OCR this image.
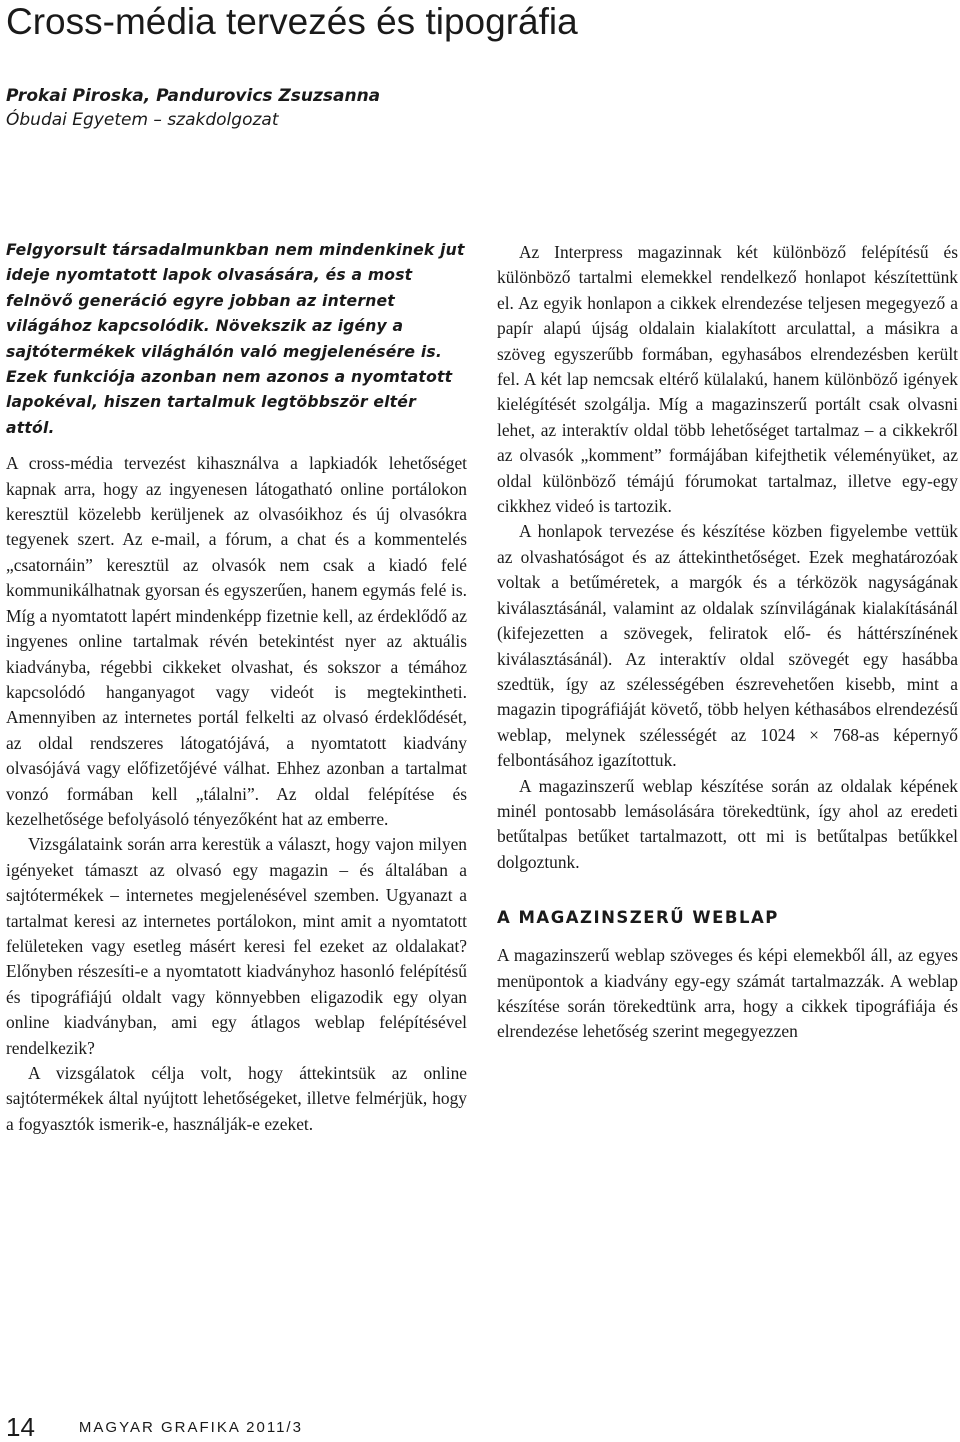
Cross-média tervezés és tipográfia
Prokai Piroska, Pandurovics Zsuzsanna
Óbudai Egyetem – szakdolgozat

Felgyorsult társadalmunkban nem mindenkinek jut ideje nyomtatott lapok olvasására, és a most felnövő generáció egyre jobban az internet világához kapcsolódik. Növekszik az igény a sajtótermékek világhálón való megjelenésére is. Ezek funkciója azonban nem azonos a nyomtatott lapokéval, hiszen tartalmuk legtöbbször eltér attól.

A cross-média tervezést kihasználva a lapkiadók lehetőséget kapnak arra, hogy az ingyenesen látogatható online portálokon keresztül közelebb kerüljenek az olvasóikhoz és új olvasókra tegyenek szert. Az e-mail, a fórum, a chat és a kommentelés „csatornáin” keresztül az olvasók nem csak a kiadó felé kommunikálhatnak gyorsan és egyszerűen, hanem egymás felé is. Míg a nyomtatott lapért mindenképp fizetnie kell, az érdeklődő az ingyenes online tartalmak révén betekintést nyer az aktuális kiadványba, régebbi cikkeket olvashat, és sokszor a témához kapcsolódó hanganyagot vagy videót is megtekintheti. Amennyiben az internetes portál felkelti az olvasó érdeklődését, az oldal rendszeres látogatójává, a nyomtatott kiadvány olvasójává vagy előfizetőjévé válhat. Ehhez azonban a tartalmat vonzó formában kell „tálalni”. Az oldal felépítése és kezelhetősége befolyásoló tényezőként hat az emberre.

Vizsgálataink során arra kerestük a választ, hogy vajon milyen igényeket támaszt az olvasó egy magazin – és általában a sajtótermékek – internetes megjelenésével szemben. Ugyanazt a tartalmat keresi az internetes portálokon, mint amit a nyomtatott felületeken vagy esetleg másért keresi fel ezeket az oldalakat? Előnyben részesíti-e a nyomtatott kiadványhoz hasonló felépítésű és tipográfiájú oldalt vagy könnyebben eligazodik egy olyan online kiadványban, ami egy átlagos weblap felépítésével rendelkezik?

A vizsgálatok célja volt, hogy áttekintsük az online sajtótermékek által nyújtott lehetőségeket, illetve felmérjük, hogy a fogyasztók ismerik-e, használják-e ezeket.

Az Interpress magazinnak két különböző felépítésű és különböző tartalmi elemekkel rendelkező honlapot készítettünk el. Az egyik honlapon a cikkek elrendezése teljesen megegyező a papír alapú újság oldalain kialakított arculattal, a másikra a szöveg egyszerűbb formában, egyhasábos elrendezésben került fel. A két lap nemcsak eltérő külalakú, hanem különböző igények kielégítését szolgálja. Míg a magazinszerű portált csak olvasni lehet, az interaktív oldal több lehetőséget tartalmaz – a cikkekről az olvasók „komment” formájában kifejthetik véleményüket, az oldal különböző témájú fórumokat tartalmaz, illetve egy-egy cikkhez videó is tartozik.

A honlapok tervezése és készítése közben figyelembe vettük az olvashatóságot és az áttekinthetőséget. Ezek meghatározóak voltak a betűméretek, a margók és a térközök nagyságának kiválasztásánál, valamint az oldalak színvilágának kialakításánál (kifejezetten a szövegek, feliratok elő- és háttérszínének kiválasztásánál). Az interaktív oldal szövegét egy hasábba szedtük, így az szélességében észrevehetően kisebb, mint a magazin tipográfiáját követő, több helyen kéthasábos elrendezésű weblap, melynek szélességét az 1024 × 768-as képernyő felbontásához igazítottuk.

A magazinszerű weblap készítése során az oldalak képének minél pontosabb lemásolására törekedtünk, így ahol az eredeti betűtalpas betűket tartalmazott, ott mi is betűtalpas betűkkel dolgoztunk.

A MAGAZINSZERŰ WEBLAP

A magazinszerű weblap szöveges és képi elemekből áll, az egyes menüpontok a kiadvány egy-egy számát tartalmazzák. A weblap készítése során törekedtünk arra, hogy a cikkek tipográfiája és elrendezése lehetőség szerint megegyezzen

14	MAGYAR GRAFIKA 2011/3
